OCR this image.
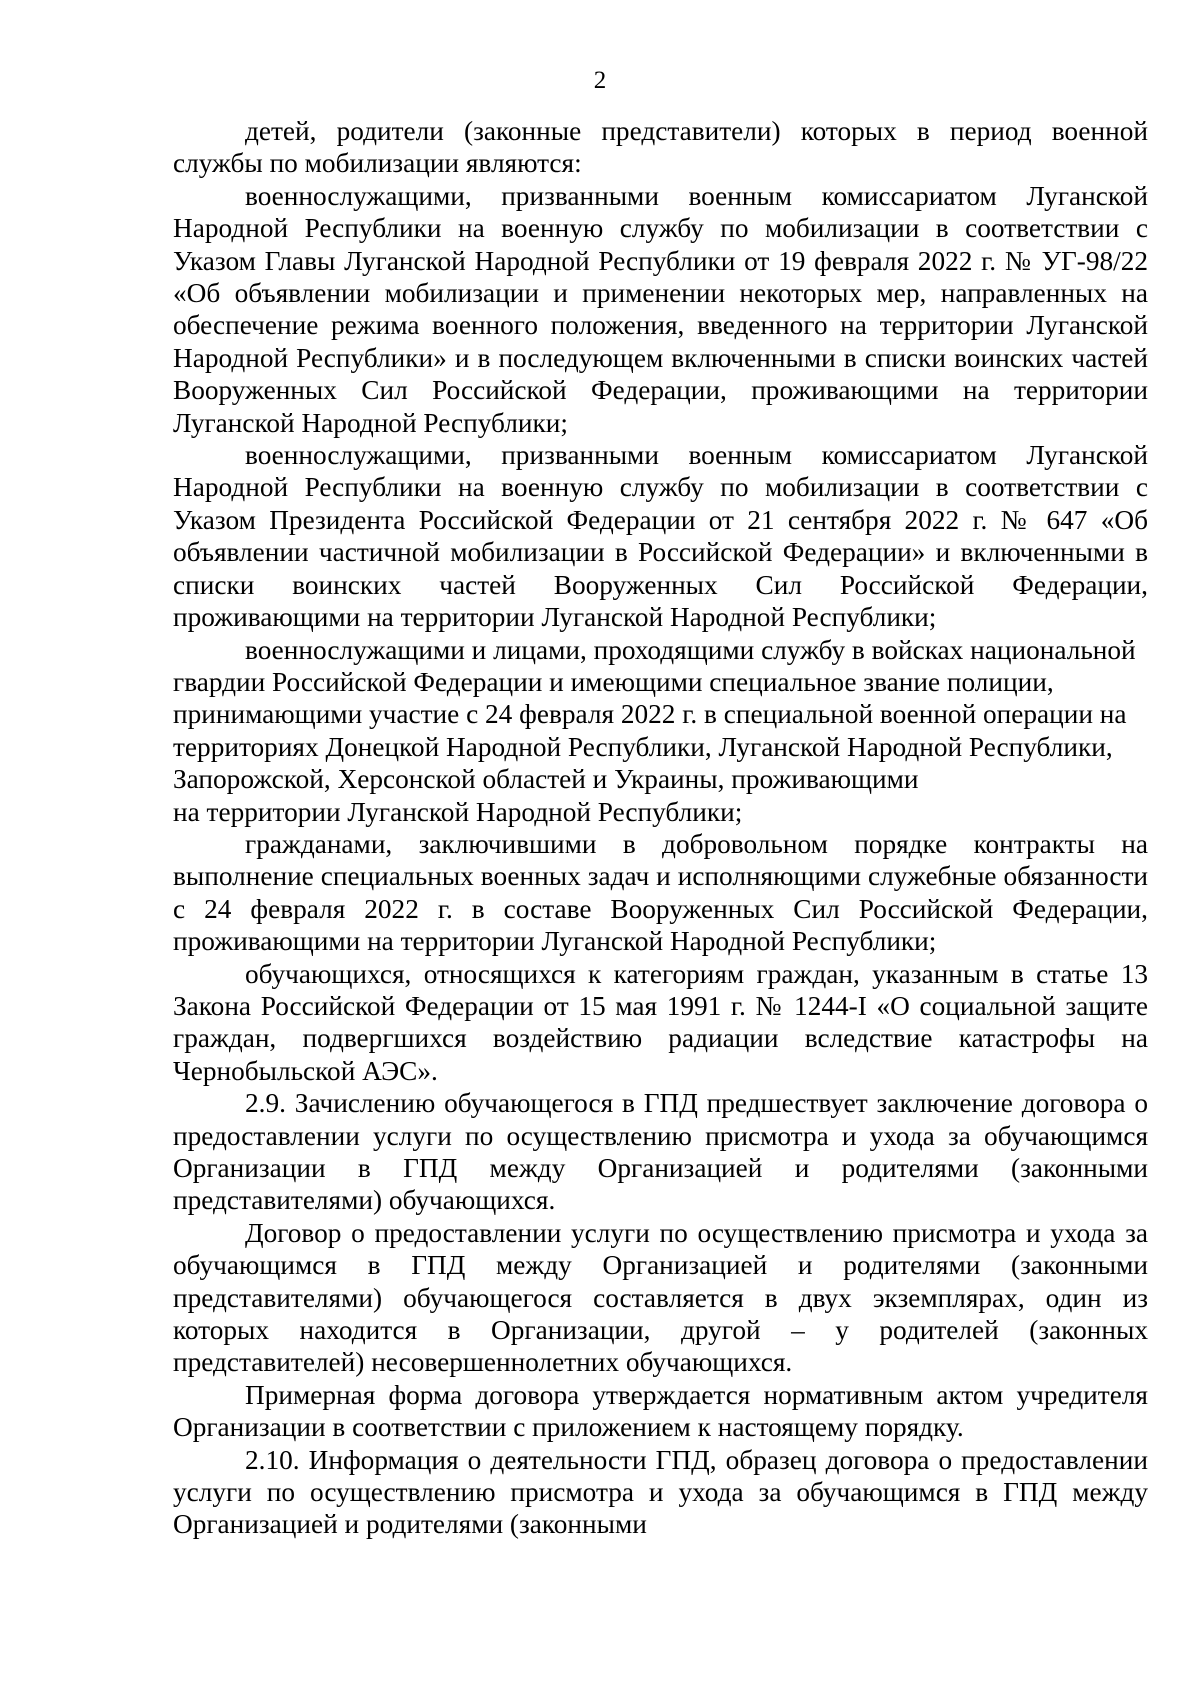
2

детей, родители (законные представители) которых в период военной службы по мобилизации являются:

военнослужащими, призванными военным комиссариатом Луганской Народной Республики на военную службу по мобилизации в соответствии с Указом Главы Луганской Народной Республики от 19 февраля 2022 г. № УГ-98/22 «Об объявлении мобилизации и применении некоторых мер, направленных на обеспечение режима военного положения, введенного на территории Луганской Народной Республики» и в последующем включенными в списки воинских частей Вооруженных Сил Российской Федерации, проживающими на территории Луганской Народной Республики;

военнослужащими, призванными военным комиссариатом Луганской Народной Республики на военную службу по мобилизации в соответствии с Указом Президента Российской Федерации от 21 сентября 2022 г. № 647 «Об объявлении частичной мобилизации в Российской Федерации» и включенными в списки воинских частей Вооруженных Сил Российской Федерации, проживающими на территории Луганской Народной Республики;

военнослужащими и лицами, проходящими службу в войсках национальной гвардии Российской Федерации и имеющими специальное звание полиции, принимающими участие с 24 февраля 2022 г. в специальной военной операции на территориях Донецкой Народной Республики, Луганской Народной Республики, Запорожской, Херсонской областей и Украины, проживающими

на территории Луганской Народной Республики;

гражданами, заключившими в добровольном порядке контракты на выполнение специальных военных задач и исполняющими служебные обязанности с 24 февраля 2022 г. в составе Вооруженных Сил Российской Федерации, проживающими на территории Луганской Народной Республики;

обучающихся, относящихся к категориям граждан, указанным в статье 13 Закона Российской Федерации от 15 мая 1991 г. № 1244-I «О социальной защите граждан, подвергшихся воздействию радиации вследствие катастрофы на Чернобыльской АЭС».

2.9. Зачислению обучающегося в ГПД предшествует заключение договора о предоставлении услуги по осуществлению присмотра и ухода за обучающимся Организации в ГПД между Организацией и родителями (законными представителями) обучающихся.

Договор о предоставлении услуги по осуществлению присмотра и ухода за обучающимся в ГПД между Организацией и родителями (законными представителями) обучающегося составляется в двух экземплярах, один из которых находится в Организации, другой – у родителей (законных представителей) несовершеннолетних обучающихся.

Примерная форма договора утверждается нормативным актом учредителя Организации в соответствии с приложением к настоящему порядку.

2.10. Информация о деятельности ГПД, образец договора о предоставлении услуги по осуществлению присмотра и ухода за обучающимся в ГПД между Организацией и родителями (законными
